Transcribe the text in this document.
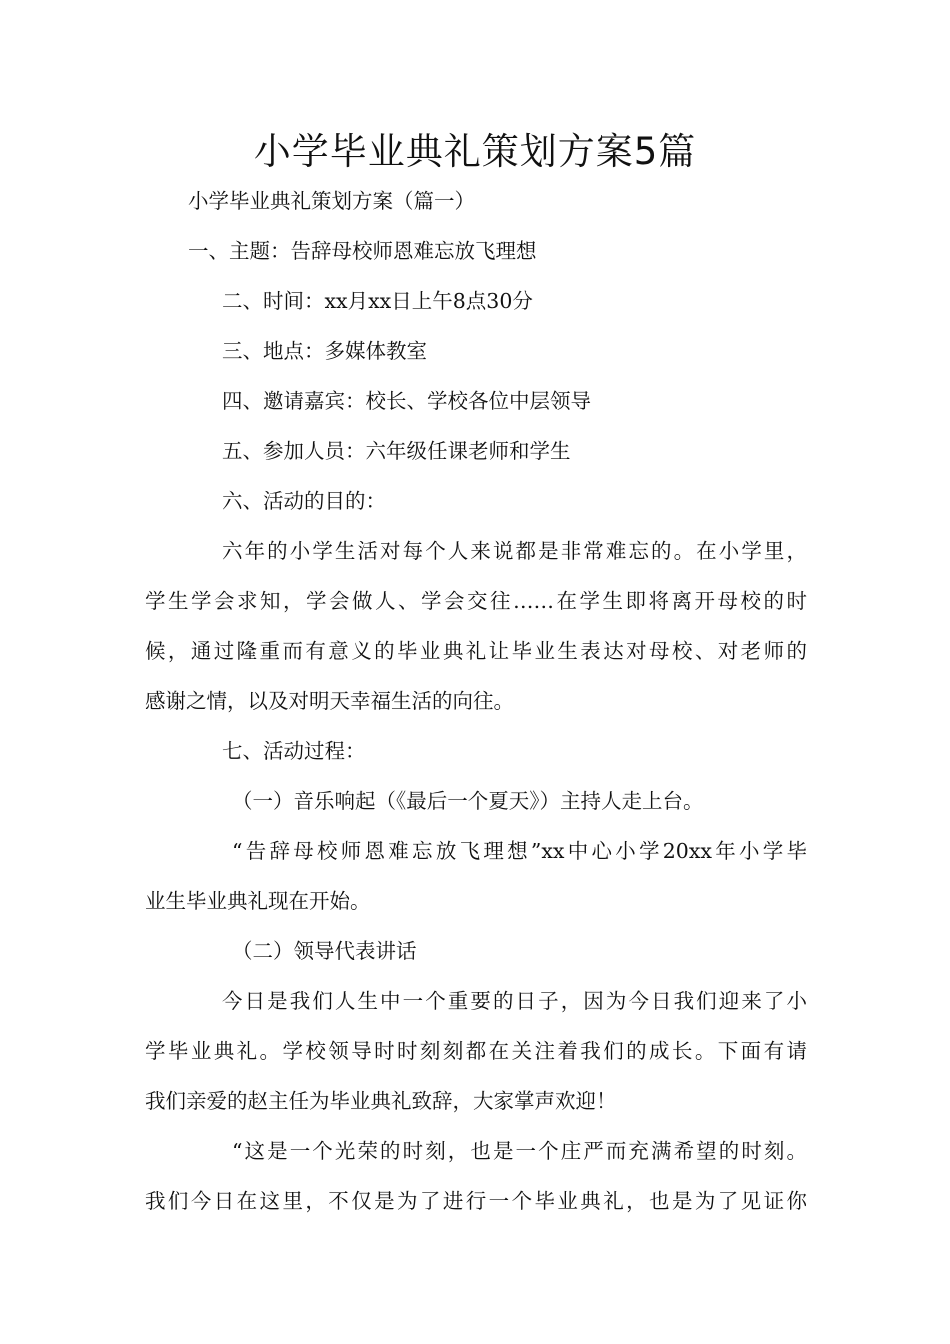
小学毕业典礼策划方案5篇

小学毕业典礼策划方案（篇一）

一、主题：告辞母校师恩难忘放飞理想

二、时间：xx月xx日上午8点30分

三、地点：多媒体教室

四、邀请嘉宾：校长、学校各位中层领导

五、参加人员：六年级任课老师和学生

六、活动的目的：

六年的小学生活对每个人来说都是非常难忘的。在小学里，

学生学会求知，学会做人、学会交往……在学生即将离开母校的时

候，通过隆重而有意义的毕业典礼让毕业生表达对母校、对老师的

感谢之情，以及对明天幸福生活的向往。

七、活动过程：

（一）音乐响起（《最后一个夏天》）主持人走上台。

“告辞母校师恩难忘放飞理想”xx中心小学20xx年小学毕

业生毕业典礼现在开始。

（二）领导代表讲话

今日是我们人生中一个重要的日子，因为今日我们迎来了小

学毕业典礼。学校领导时时刻刻都在关注着我们的成长。下面有请

我们亲爱的赵主任为毕业典礼致辞，大家掌声欢迎！

“这是一个光荣的时刻，也是一个庄严而充满希望的时刻。

我们今日在这里，不仅是为了进行一个毕业典礼，也是为了见证你
